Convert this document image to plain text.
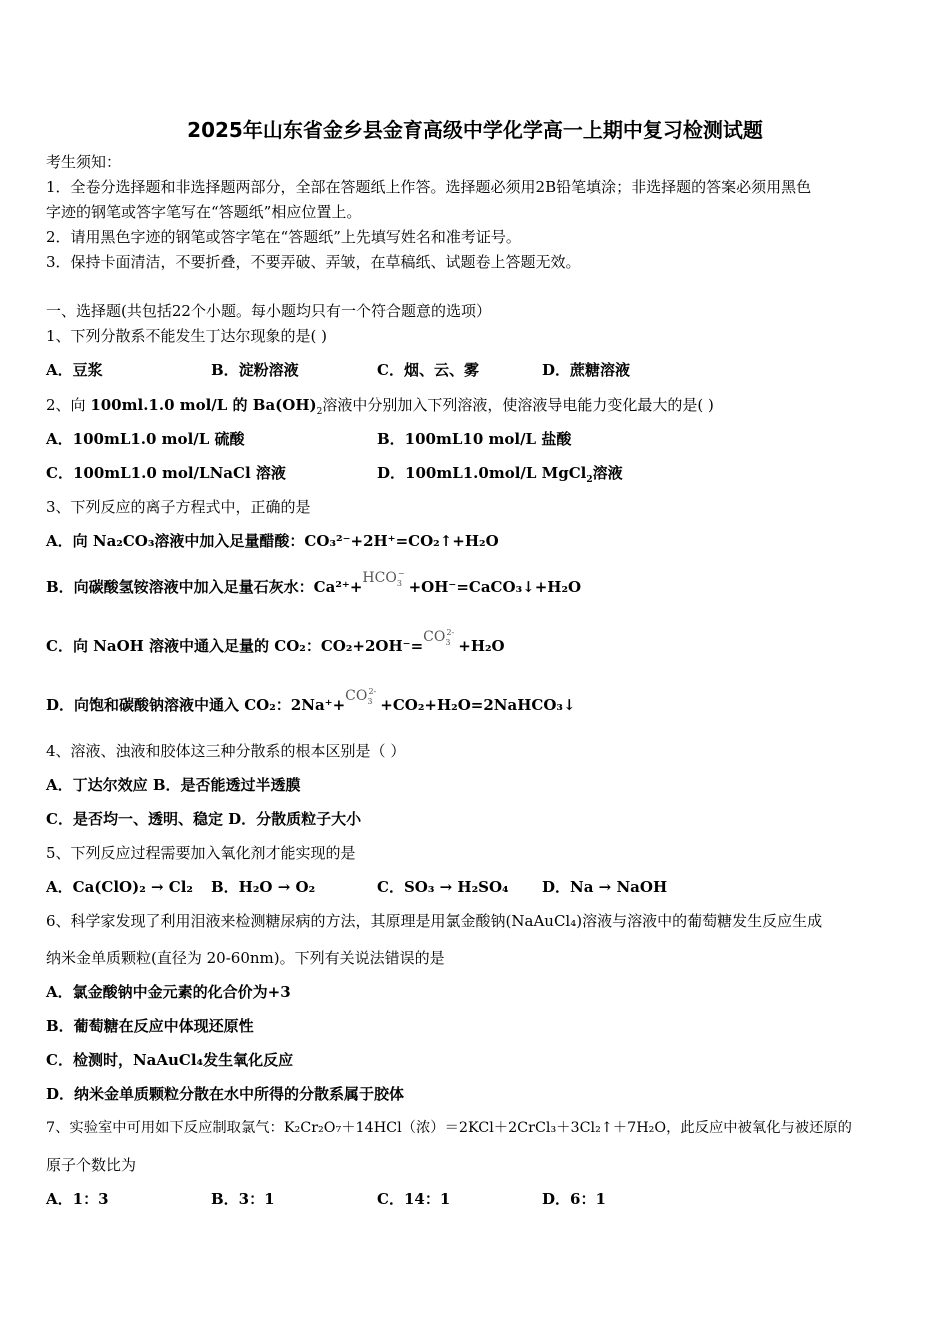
2025年山东省金乡县金育高级中学化学高一上期中复习检测试题
考生须知：
1．全卷分选择题和非选择题两部分，全部在答题纸上作答。选择题必须用2B铅笔填涂；非选择题的答案必须用黑色
字迹的钢笔或答字笔写在“答题纸”相应位置上。
2．请用黑色字迹的钢笔或答字笔在“答题纸”上先填写姓名和准考证号。
3．保持卡面清洁，不要折叠，不要弄破、弄皱，在草稿纸、试题卷上答题无效。
一、选择题(共包括22个小题。每小题均只有一个符合题意的选项）
1、下列分散系不能发生丁达尔现象的是( )
A．豆浆	B．淀粉溶液	C．烟、云、雾	D．蔗糖溶液
2、向 100ml.1.0 mol/L 的 $Ba(OH)_2$溶液中分别加入下列溶液，使溶液导电能力变化最大的是( )
A．100mL1.0 mol/L 硫酸	B．100mL10 mol/L 盐酸
C．100mL1.0 mol/LNaCl 溶液	D．100mL1.0mol/L MgCl$_2$溶液
3、下列反应的离子方程式中，正确的是
A．向 Na₂CO₃溶液中加入足量醋酸：CO₃²⁻+2H⁺=CO₂↑+H₂O
B．向碳酸氢铵溶液中加入足量石灰水：$Ca^{2+}+HCO_3^-+OH^-=CaCO_3↓+H_2O$
C．向 NaOH 溶液中通入足量的 CO₂：$CO_2+2OH^-=CO_3^{2-}+H_2O$
D．向饱和碳酸钠溶液中通入 CO₂：$2Na^++CO_3^{2-}+CO_2+H_2O=2NaHCO_3↓$
4、溶液、浊液和胶体这三种分散系的根本区别是（ ）
A．丁达尔效应 B．是否能透过半透膜
C．是否均一、透明、稳定 D．分散质粒子大小
5、下列反应过程需要加入氧化剂才能实现的是
A．Ca(ClO)₂ → Cl₂ B．H₂O → O₂	C．SO₃ → H₂SO₄ D．Na → NaOH
6、科学家发现了利用泪液来检测糖尿病的方法，其原理是用氯金酸钠(NaAuCl₄)溶液与溶液中的葡萄糖发生反应生成
纳米金单质颗粒(直径为 20-60nm)。下列有关说法错误的是
A．氯金酸钠中金元素的化合价为+3
B．葡萄糖在反应中体现还原性
C．检测时，NaAuCl₄发生氧化反应
D．纳米金单质颗粒分散在水中所得的分散系属于胶体
7、实验室中可用如下反应制取氯气：K₂Cr₂O₇＋14HCl（浓）＝2KCl＋2CrCl₃＋3Cl₂↑＋7H₂O，此反应中被氧化与被还原的
原子个数比为
A．1：3	B．3：1	C．14：1	D．6：1
